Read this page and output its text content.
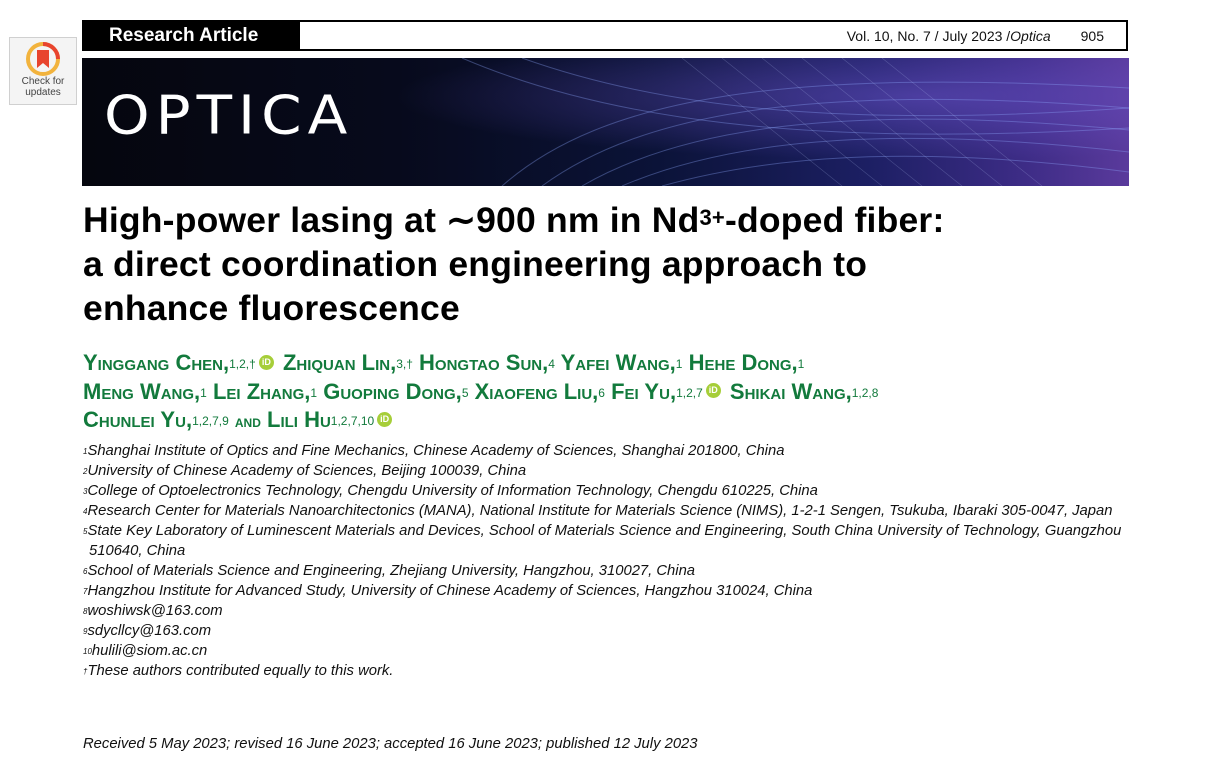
Check for
updates
Research Article	Vol. 10, No. 7 / July 2023 / Optica 905
OPTICA
High-power lasing at ∼900 nm in $Nd^{3+}$-doped fiber:
a direct coordination engineering approach to
enhance fluorescence
Yinggang Chen,$^{1,2,\dagger}$ iD Zhiquan Lin,$^{3,\dagger}$ Hongtao Sun,$^4$ Yafei Wang,$^1$ Hehe Dong,$^1$
Meng Wang,$^1$ Lei Zhang,$^1$ Guoping Dong,$^5$ Xiaofeng Liu,$^6$ Fei Yu,$^{1,2,7}$ iD Shikai Wang,$^{1,2,8}$
Chunlei Yu,$^{1,2,7,9}$ and Lili Hu$^{1,2,7,10}$ iD
$^1$Shanghai Institute of Optics and Fine Mechanics, Chinese Academy of Sciences, Shanghai 201800, China
$^2$University of Chinese Academy of Sciences, Beijing 100039, China
$^3$College of Optoelectronics Technology, Chengdu University of Information Technology, Chengdu 610225, China
$^4$Research Center for Materials Nanoarchitectonics (MANA), National Institute for Materials Science (NIMS), 1-2-1 Sengen, Tsukuba, Ibaraki 305-0047, Japan
$^5$State Key Laboratory of Luminescent Materials and Devices, School of Materials Science and Engineering, South China University of Technology, Guangzhou 510640, China
$^6$School of Materials Science and Engineering, Zhejiang University, Hangzhou, 310027, China
$^7$Hangzhou Institute for Advanced Study, University of Chinese Academy of Sciences, Hangzhou 310024, China
$^8$woshiwsk@163.com
$^9$sdycllcy@163.com
$^{10}$hulili@siom.ac.cn
†These authors contributed equally to this work.
Received 5 May 2023; revised 16 June 2023; accepted 16 June 2023; published 12 July 2023
